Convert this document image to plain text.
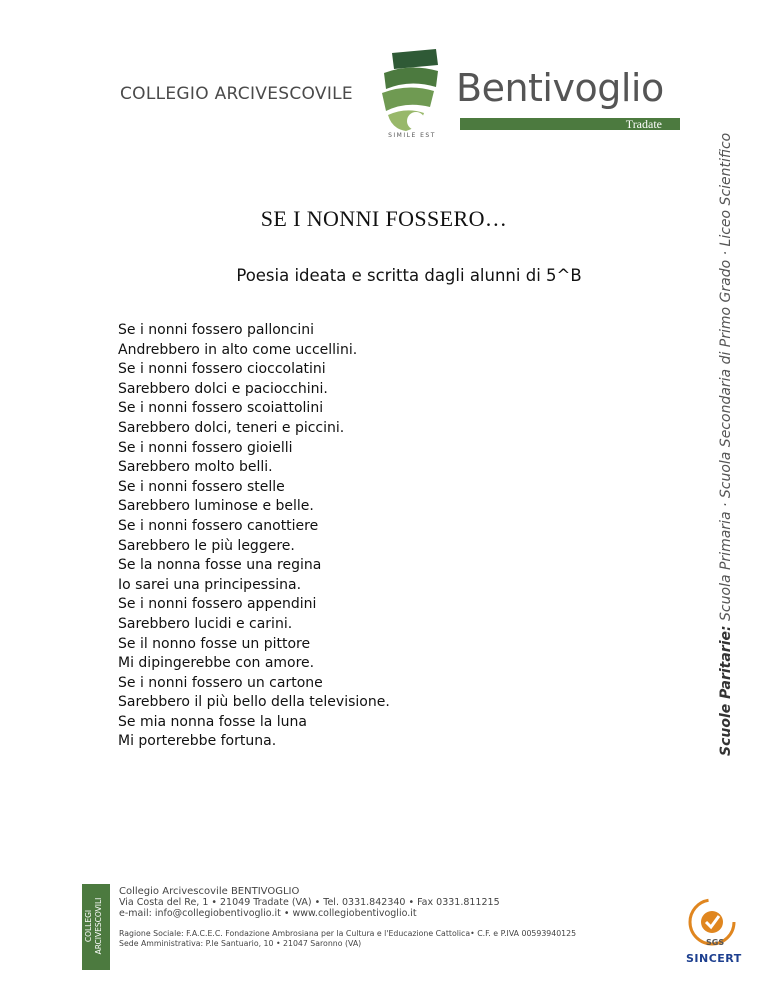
COLLEGIO ARCIVESCOVILE
SIMILE EST
Bentivoglio
Tradate
Scuole Paritarie: Scuola Primaria · Scuola Secondaria di Primo Grado · Liceo Scientifico
SE I NONNI FOSSERO…
Poesia ideata e scritta dagli alunni di 5^B
Se i nonni fossero palloncini
Andrebbero in alto come uccellini.
Se i nonni fossero cioccolatini
Sarebbero dolci e paciocchini.
Se i nonni fossero scoiattolini
Sarebbero dolci, teneri e piccini.
Se i nonni fossero gioielli
Sarebbero molto belli.
Se i nonni fossero stelle
Sarebbero luminose e belle.
Se i nonni fossero canottiere
Sarebbero le più leggere.
Se la nonna fosse una regina
Io sarei una principessina.
Se i nonni fossero appendini
Sarebbero lucidi e carini.
Se il nonno fosse un pittore
Mi dipingerebbe con amore.
Se i nonni fossero un cartone
Sarebbero il più bello della televisione.
Se mia nonna fosse la luna
Mi porterebbe fortuna.
COLLEGI ARCIVESCOVILI
Collegio Arcivescovile BENTIVOGLIO
Via Costa del Re, 1 • 21049 Tradate (VA) • Tel. 0331.842340 • Fax 0331.811215
e-mail: info@collegiobentivoglio.it • www.collegiobentivoglio.it
Ragione Sociale: F.A.C.E.C. Fondazione Ambrosiana per la Cultura e l'Educazione Cattolica• C.F. e P.IVA 00593940125
Sede Amministrativa: P.le Santuario, 10 • 21047 Saronno (VA)	SGS
SINCERT
